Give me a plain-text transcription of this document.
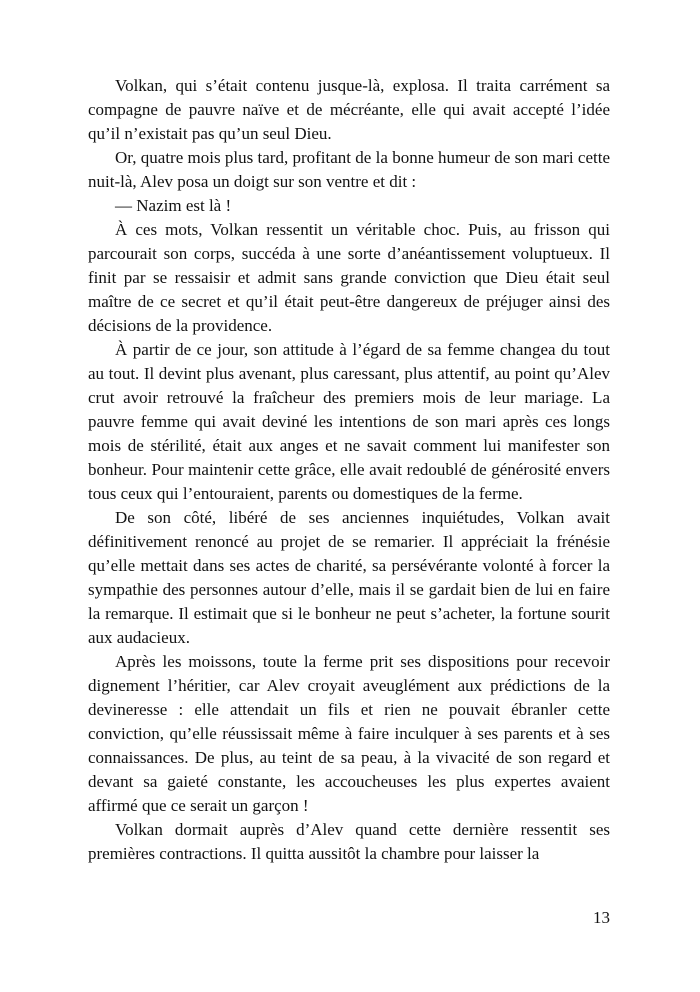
Volkan, qui s’était contenu jusque-là, explosa. Il traita carrément sa compagne de pauvre naïve et de mécréante, elle qui avait accepté l’idée qu’il n’existait pas qu’un seul Dieu.

Or, quatre mois plus tard, profitant de la bonne humeur de son mari cette nuit-là, Alev posa un doigt sur son ventre et dit :

— Nazim est là !

À ces mots, Volkan ressentit un véritable choc. Puis, au frisson qui parcourait son corps, succéda à une sorte d’anéantissement voluptueux. Il finit par se ressaisir et admit sans grande conviction que Dieu était seul maître de ce secret et qu’il était peut-être dangereux de préjuger ainsi des décisions de la providence.

À partir de ce jour, son attitude à l’égard de sa femme changea du tout au tout. Il devint plus avenant, plus caressant, plus attentif, au point qu’Alev crut avoir retrouvé la fraîcheur des premiers mois de leur mariage. La pauvre femme qui avait deviné les intentions de son mari après ces longs mois de stérilité, était aux anges et ne savait comment lui manifester son bonheur. Pour maintenir cette grâce, elle avait redoublé de générosité envers tous ceux qui l’entouraient, parents ou domestiques de la ferme.

De son côté, libéré de ses anciennes inquiétudes, Volkan avait définitivement renoncé au projet de se remarier. Il appréciait la frénésie qu’elle mettait dans ses actes de charité, sa persévérante volonté à forcer la sympathie des personnes autour d’elle, mais il se gardait bien de lui en faire la remarque. Il estimait que si le bonheur ne peut s’acheter, la fortune sourit aux audacieux.

Après les moissons, toute la ferme prit ses dispositions pour recevoir dignement l’héritier, car Alev croyait aveuglément aux prédictions de la devineresse : elle attendait un fils et rien ne pouvait ébranler cette conviction, qu’elle réussissait même à faire inculquer à ses parents et à ses connaissances. De plus, au teint de sa peau, à la vivacité de son regard et devant sa gaieté constante, les accoucheuses les plus expertes avaient affirmé que ce serait un garçon !

Volkan dormait auprès d’Alev quand cette dernière ressentit ses premières contractions. Il quitta aussitôt la chambre pour laisser la

13
